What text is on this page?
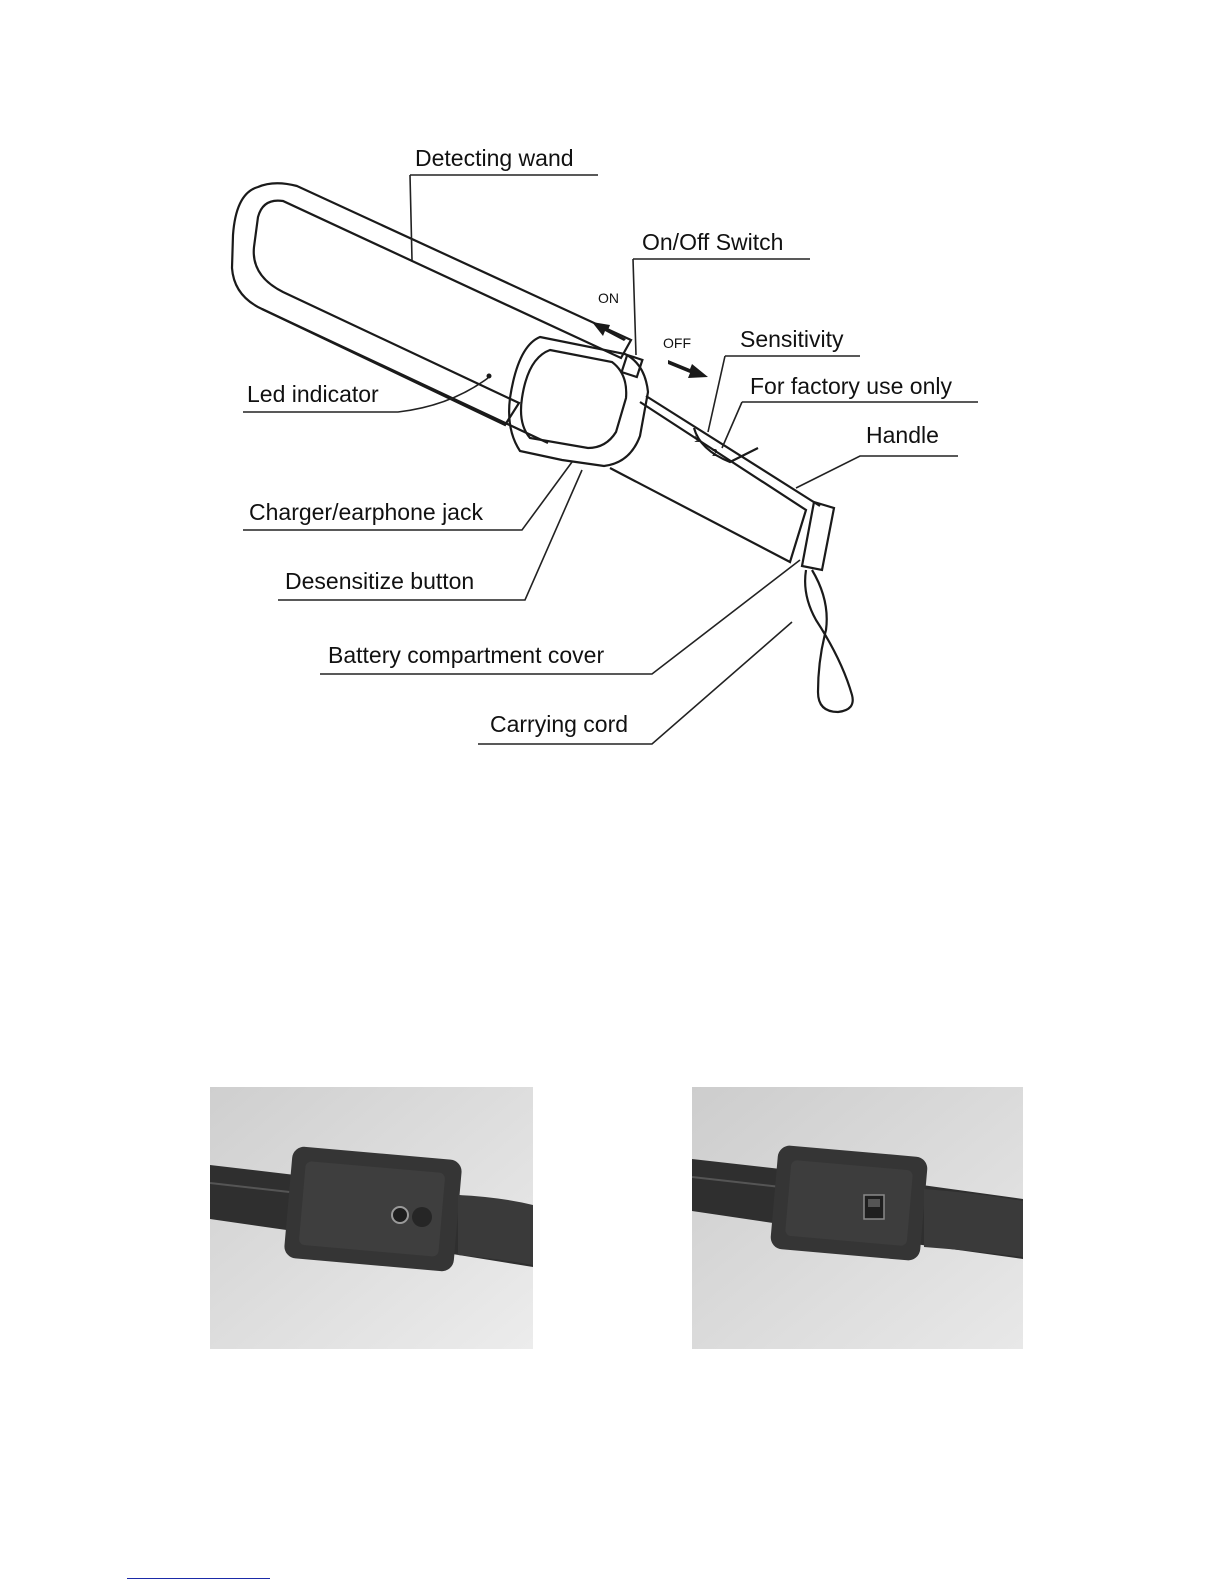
1
2
ON
OFF
Detecting wand
On/Off Switch
Sensitivity
For factory use only
Led indicator
Handle
Charger/earphone jack
Desensitize button
Battery compartment cover
Carrying cord
